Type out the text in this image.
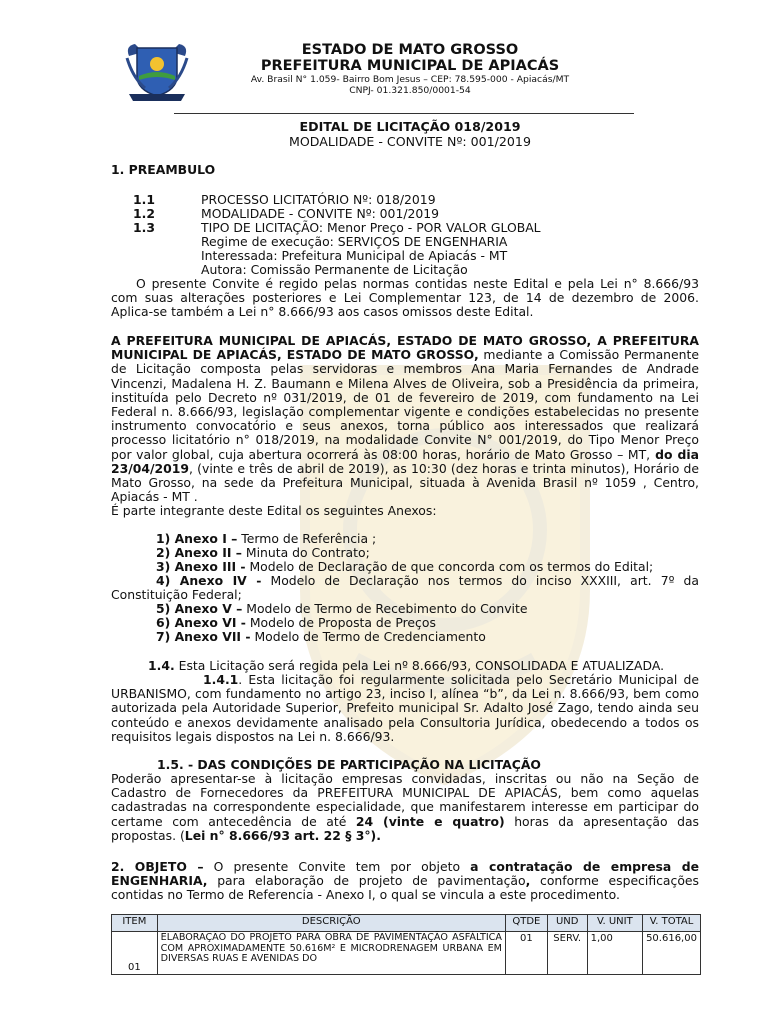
ESTADO DE MATO GROSSO
PREFEITURA MUNICIPAL DE APIACÁS
Av. Brasil N° 1.059- Bairro Bom Jesus – CEP: 78.595-000 - Apiacás/MT
CNPJ- 01.321.850/0001-54
EDITAL DE LICITAÇÃO 018/2019
MODALIDADE - CONVITE Nº: 001/2019
1. PREAMBULO
1.1	PROCESSO LICITATÓRIO Nº: 018/2019
1.2	MODALIDADE - CONVITE Nº: 001/2019
1.3	TIPO DE LICITAÇÃO: Menor Preço - POR VALOR GLOBAL
Regime de execução: SERVIÇOS DE ENGENHARIA
Interessada: Prefeitura Municipal de Apiacás - MT
Autora: Comissão Permanente de Licitação
O presente Convite é regido pelas normas contidas neste Edital e pela Lei n° 8.666/93 com suas alterações posteriores e Lei Complementar 123, de 14 de dezembro de 2006. Aplica-se também a Lei n° 8.666/93 aos casos omissos deste Edital.
A PREFEITURA MUNICIPAL DE APIACÁS, ESTADO DE MATO GROSSO, A PREFEITURA MUNICIPAL DE APIACÁS, ESTADO DE MATO GROSSO, mediante a Comissão Permanente de Licitação composta pelas servidoras e membros Ana Maria Fernandes de Andrade Vincenzi, Madalena H. Z. Baumann e Milena Alves de Oliveira, sob a Presidência da primeira, instituída pelo Decreto nº 031/2019, de 01 de fevereiro de 2019, com fundamento na Lei Federal n. 8.666/93, legislação complementar vigente e condições estabelecidas no presente instrumento convocatório e seus anexos, torna público aos interessados que realizará processo licitatório n° 018/2019, na modalidade Convite N° 001/2019, do Tipo Menor Preço por valor global, cuja abertura ocorrerá às 08:00 horas, horário de Mato Grosso – MT, do dia 23/04/2019, (vinte e três de abril de 2019), as 10:30 (dez horas e trinta minutos), Horário de Mato Grosso, na sede da Prefeitura Municipal, situada à Avenida Brasil nº 1059 , Centro, Apiacás - MT .
É parte integrante deste Edital os seguintes Anexos:
1) Anexo I – Termo de Referência ;
2) Anexo II – Minuta do Contrato;
3) Anexo III - Modelo de Declaração de que concorda com os termos do Edital;
4) Anexo IV - Modelo de Declaração nos termos do inciso XXXIII, art. 7º da
Constituição Federal;
5) Anexo V – Modelo de Termo de Recebimento do Convite
6) Anexo VI - Modelo de Proposta de Preços
7) Anexo VII - Modelo de Termo de Credenciamento
1.4. Esta Licitação será regida pela Lei nº 8.666/93, CONSOLIDADA E ATUALIZADA.
1.4.1. Esta licitação foi regularmente solicitada pelo Secretário Municipal de URBANISMO, com fundamento no artigo 23, inciso I, alínea “b”, da Lei n. 8.666/93, bem como autorizada pela Autoridade Superior, Prefeito municipal Sr. Adalto José Zago, tendo ainda seu conteúdo e anexos devidamente analisado pela Consultoria Jurídica, obedecendo a todos os requisitos legais dispostos na Lei n. 8.666/93.
1.5. - DAS CONDIÇÕES DE PARTICIPAÇÃO NA LICITAÇÃO
Poderão apresentar-se à licitação empresas convidadas, inscritas ou não na Seção de Cadastro de Fornecedores da PREFEITURA MUNICIPAL DE APIACÁS, bem como aquelas cadastradas na correspondente especialidade, que manifestarem interesse em participar do certame com antecedência de até 24 (vinte e quatro) horas da apresentação das propostas. (Lei n° 8.666/93 art. 22 § 3°).
2. OBJETO – O presente Convite tem por objeto a contratação de empresa de ENGENHARIA, para elaboração de projeto de pavimentação, conforme especificações contidas no Termo de Referencia - Anexo I, o qual se vincula a este procedimento.
ITEM	DESCRIÇÃO	QTDE	UND	V. UNIT	V. TOTAL
01	ELABORAÇÃO DO PROJETO PARA OBRA DE PAVIMENTAÇÃO ASFÁLTICA COM APROXIMADAMENTE 50.616M² E MICRODRENAGEM URBANA EM DIVERSAS RUAS E AVENIDAS DO	01	SERV.	1,00	50.616,00
